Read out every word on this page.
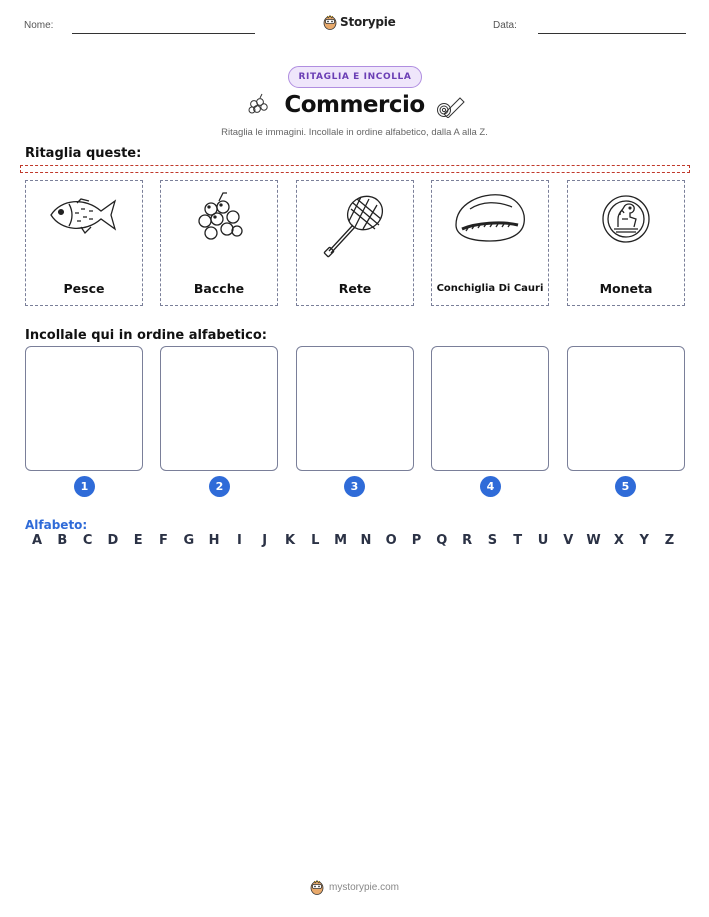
Nome:	Storypie	Data:
RITAGLIA E INCOLLA
Commercio
Ritaglia le immagini. Incollale in ordine alfabetico, dalla A alla Z.
Ritaglia queste:
Pesce	Bacche	Rete	Conchiglia Di Cauri	Moneta
Incollale qui in ordine alfabetico:
1	2	3	4	5
Alfabeto:
A	B	C	D	E	F	G	H	I	J	K	L	M	N	O	P	Q	R	S	T	U	V	W	X	Y	Z
mystorypie.com
